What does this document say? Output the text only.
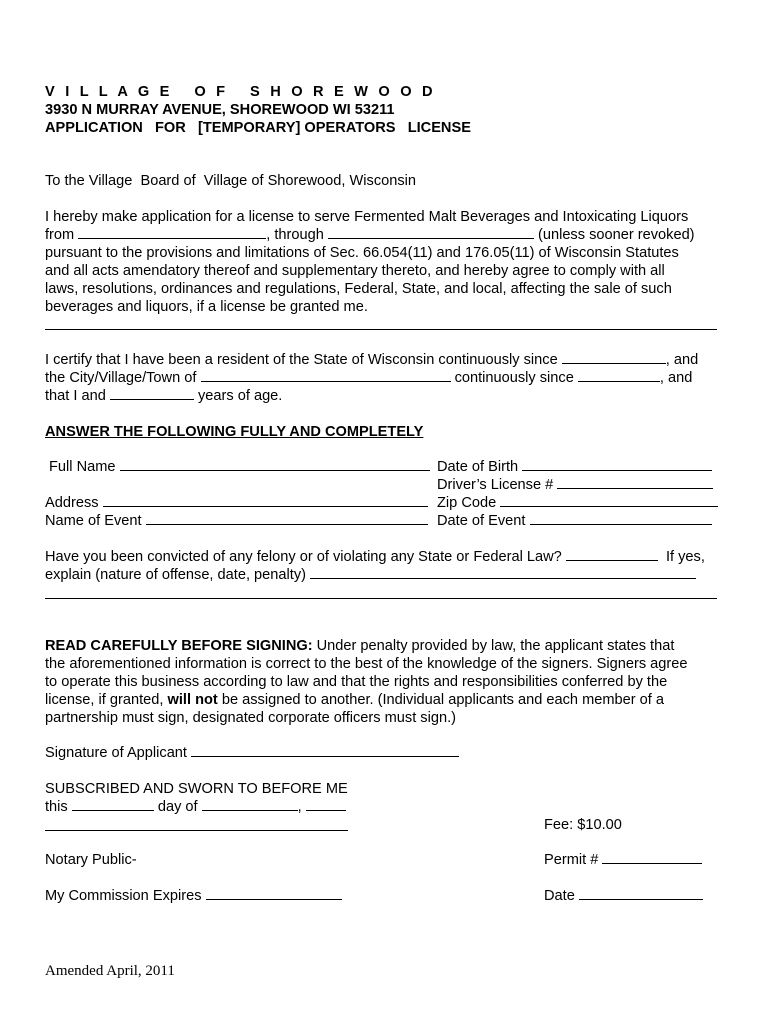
V I L L A G E   O F   S H O R E W O O D
3930 N MURRAY AVENUE, SHOREWOOD WI 53211
APPLICATION   FOR   [TEMPORARY] OPERATORS   LICENSE
To the Village  Board of  Village of Shorewood, Wisconsin
I hereby make application for a license to serve Fermented Malt Beverages and Intoxicating Liquors
from	, through	(unless sooner revoked)
pursuant to the provisions and limitations of Sec. 66.054(11) and 176.05(11) of Wisconsin Statutes
and all acts amendatory thereof and supplementary thereto, and hereby agree to comply with all
laws, resolutions, ordinances and regulations, Federal, State, and local, affecting the sale of such
beverages and liquors, if a license be granted me.
I certify that I have been a resident of the State of Wisconsin continuously since	, and
the City/Village/Town of	continuously since	, and
that I and	years of age.
ANSWER THE FOLLOWING FULLY AND COMPLETELY
Full Name	Date of Birth
Driver’s License #
Address	Zip Code
Name of Event	Date of Event
Have you been convicted of any felony or of violating any State or Federal Law?	If yes,
explain (nature of offense, date, penalty)
READ CAREFULLY BEFORE SIGNING: Under penalty provided by law, the applicant states that
the aforementioned information is correct to the best of the knowledge of the signers. Signers agree
to operate this business according to law and that the rights and responsibilities conferred by the
license, if granted, will not be assigned to another. (Individual applicants and each member of a
partnership must sign, designated corporate officers must sign.)
Signature of Applicant
SUBSCRIBED AND SWORN TO BEFORE ME
this	day of	,
Fee: $10.00
Notary Public-	Permit #
My Commission Expires	Date
Amended April, 2011
